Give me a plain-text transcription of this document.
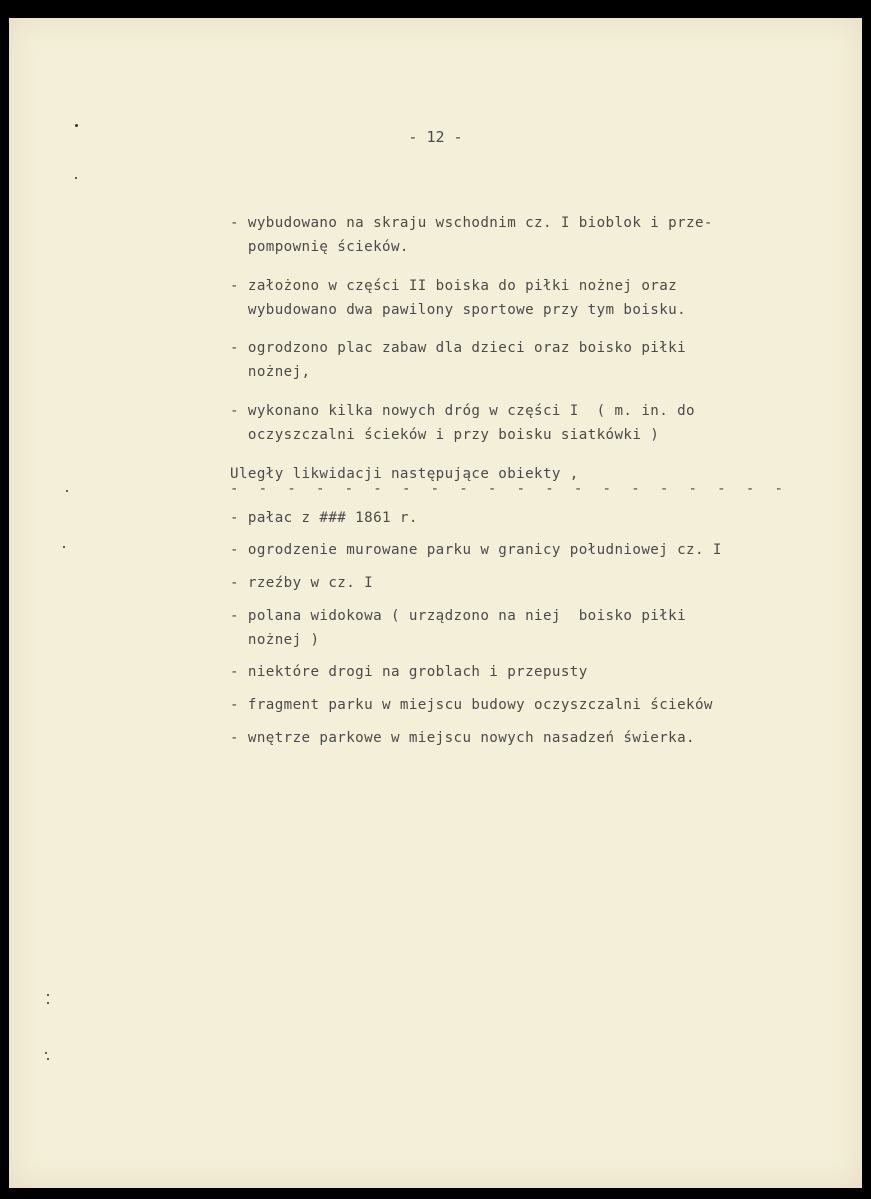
- 12 -
- wybudowano na skraju wschodnim cz. I bioblok i prze-
pompownię ścieków.
- założono w części II boiska do piłki nożnej oraz
wybudowano dwa pawilony sportowe przy tym boisku.
- ogrodzono plac zabaw dla dzieci oraz boisko piłki
nożnej,
- wykonano kilka nowych dróg w części I  ( m. in. do
oczyszczalni ścieków i przy boisku siatkówki )
Uległy likwidacji następujące obiekty ,
- - - - - - - - - - - - - - - - - - - -
- pałac z ### 1861 r.
- ogrodzenie murowane parku w granicy południowej cz. I
- rzeźby w cz. I
- polana widokowa ( urządzono na niej  boisko piłki
nożnej )
- niektóre drogi na groblach i przepusty
- fragment parku w miejscu budowy oczyszczalni ścieków
- wnętrze parkowe w miejscu nowych nasadzeń świerka.
